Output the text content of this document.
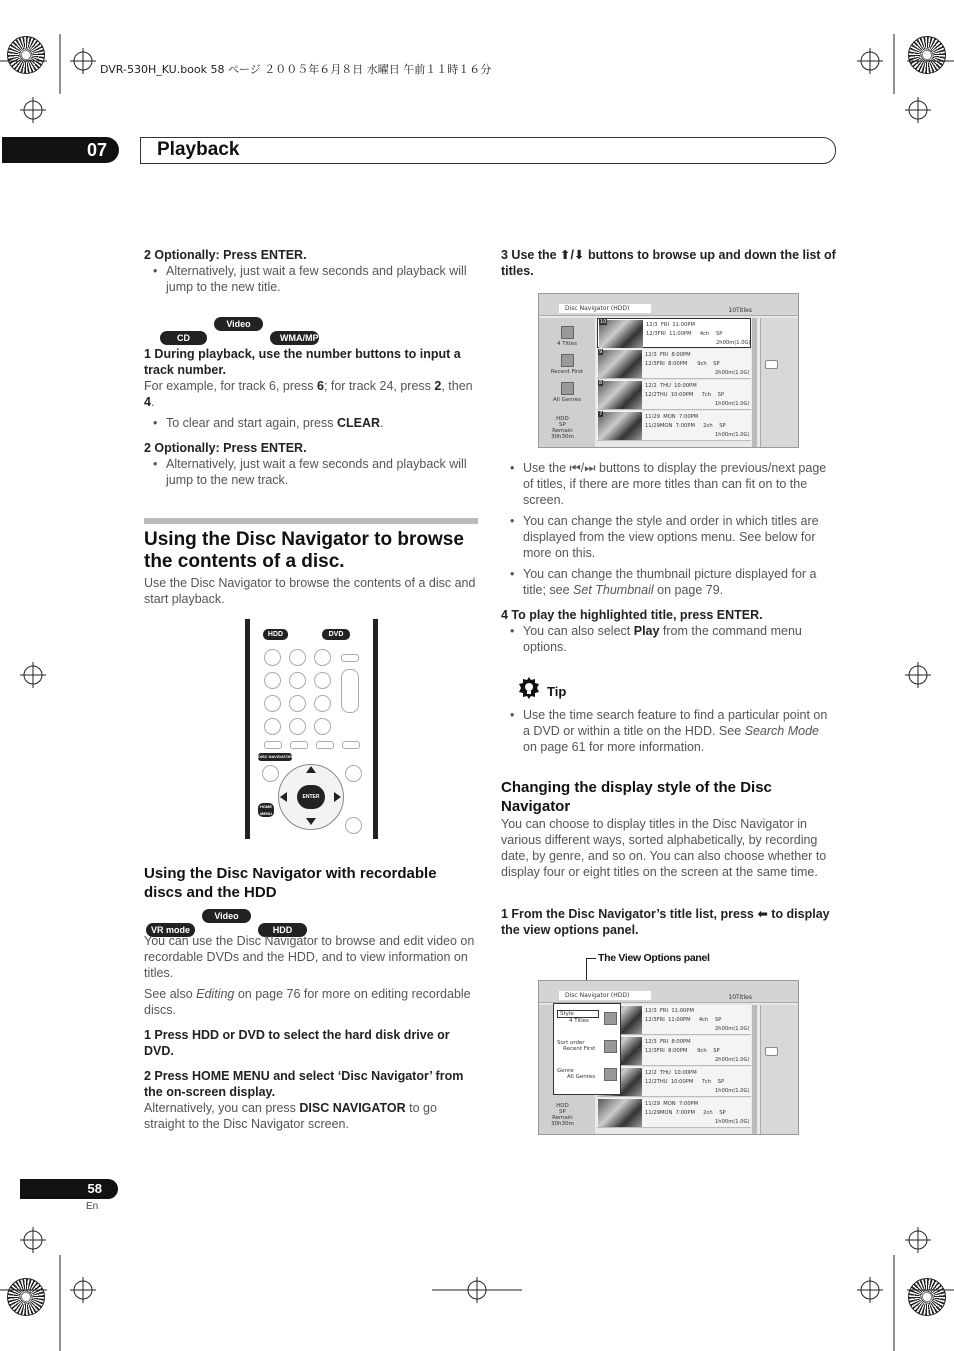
DVR-530H_KU.book 58 ページ ２００５年６月８日 水曜日 午前１１時１６分
07	Playback
2 Optionally: Press ENTER.
• Alternatively, just wait a few seconds and playback will jump to the new title.
CDVideo CD	WMA/MP3
1 During playback, use the number buttons to input a track number.
For example, for track 6, press 6; for track 24, press 2, then 4.
• To clear and start again, press CLEAR.
2 Optionally: Press ENTER.
• Alternatively, just wait a few seconds and playback will jump to the new track.
Using the Disc Navigator to browse the contents of a disc.
Use the Disc Navigator to browse the contents of a disc and start playback.
HDD	DVD
DISC NAVIGATOR
ENTER
HOME MENU
Using the Disc Navigator with recordable discs and the HDD
VR modeVideo mode	HDD
You can use the Disc Navigator to browse and edit video on recordable DVDs and the HDD, and to view information on titles.
See also Editing on page 76 for more on editing recordable discs.
1 Press HDD or DVD to select the hard disk drive or DVD.
2 Press HOME MENU and select ‘Disc Navigator’ from the on-screen display.
Alternatively, you can press DISC NAVIGATOR to go straight to the Disc Navigator screen.
3 Use the ⬆/⬇ buttons to browse up and down the list of titles.
Disc Navigator (HDD)	10Titles
4 Titles
Recent First
All Genres
HDD
SP
Remain
30h30m
10	12/3  FRI  11:00PM
12/3FRI  11:00PM     4ch    SP
2h00m(1.0G)
9	12/3  FRI  8:00PM
12/3FRI  8:00PM      9ch    SP
2h00m(1.0G)
8	12/2  THU  10:00PM
12/2THU  10:00PM     7ch    SP
1h00m(1.0G)
7	11/29  MON  7:00PM
11/29MON  7:00PM     2ch    SP
1h00m(1.0G)
• Use the ⏮/⏭ buttons to display the previous/next page of titles, if there are more titles than can fit on to the screen.
• You can change the style and order in which titles are displayed from the view options menu. See below for more on this.
• You can change the thumbnail picture displayed for a title; see Set Thumbnail on page 79.
4 To play the highlighted title, press ENTER.
• You can also select Play from the command menu options.
Tip
• Use the time search feature to find a particular point on a DVD or within a title on the HDD. See Search Mode on page 61 for more information.
Changing the display style of the Disc Navigator
You can choose to display titles in the Disc Navigator in various different ways, sorted alphabetically, by recording date, by genre, and so on. You can also choose whether to display four or eight titles on the screen at the same time.
1 From the Disc Navigator’s title list, press ⬅ to display the view options panel.
The View Options panel
Disc Navigator (HDD)	10Titles
HDD
SP
Remain
30h30m
12/3  FRI  11:00PM
12/3FRI  11:00PM     4ch    SP
2h00m(1.0G)
12/3  FRI  8:00PM
12/3FRI  8:00PM      9ch    SP
2h00m(1.0G)
12/2  THU  10:00PM
12/2THU  10:00PM     7ch    SP
1h00m(1.0G)
11/29  MON  7:00PM
11/29MON  7:00PM     2ch    SP
1h00m(1.0G)
Style
4 Titles
Sort order
Recent First
Genre
All Genres
58
En
